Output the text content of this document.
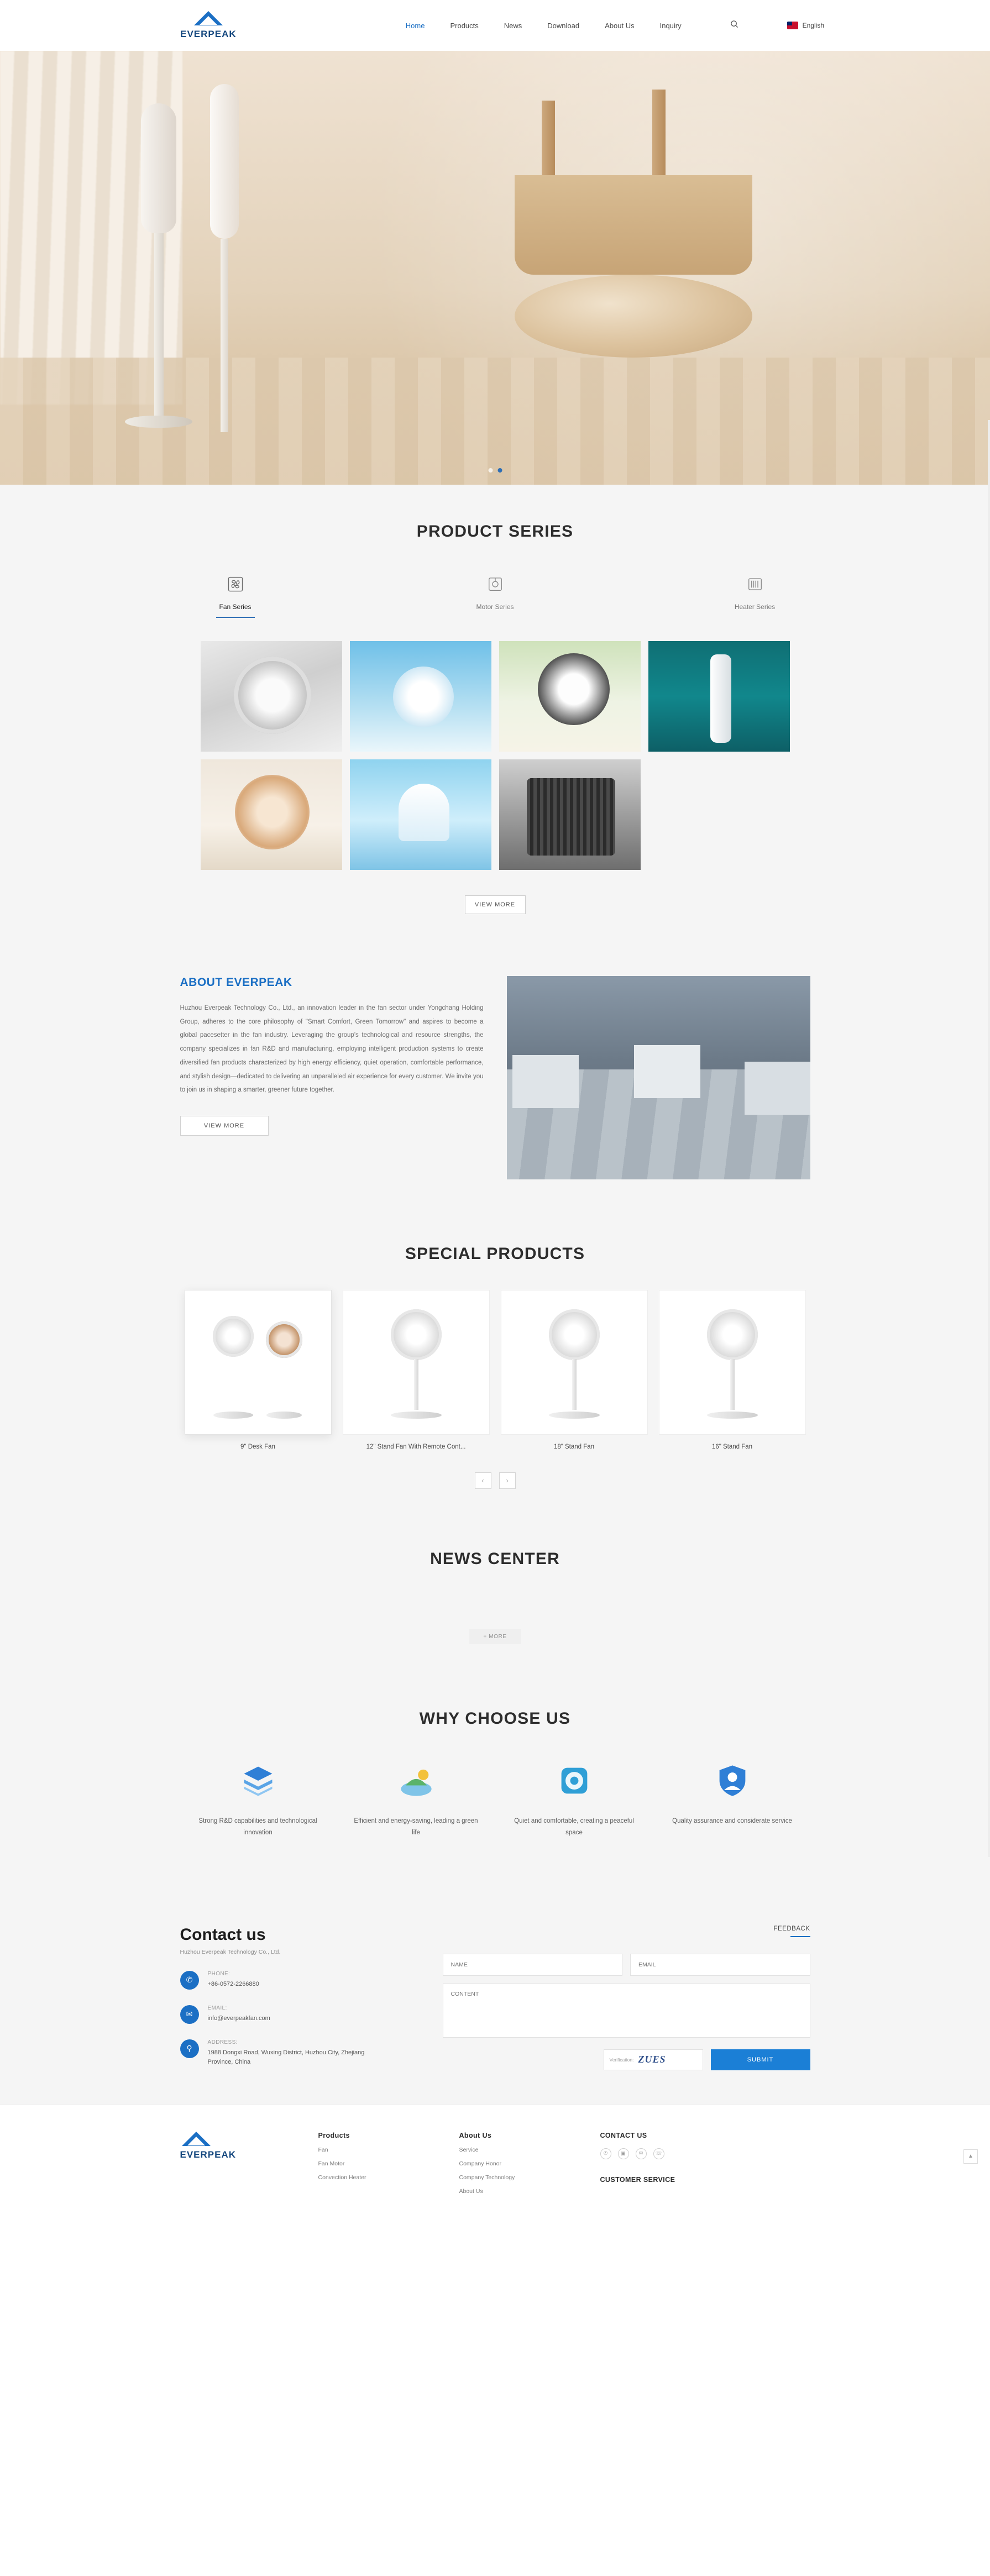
EVERPEAK
Home	Products	News	Download	About Us	Inquiry	English
PRODUCT SERIES
Fan Series	Motor Series	Heater Series
VIEW MORE
ABOUT EVERPEAK
Huzhou Everpeak Technology Co., Ltd., an innovation leader in the fan sector under Yongchang Holding Group, adheres to the core philosophy of "Smart Comfort, Green Tomorrow" and aspires to become a global pacesetter in the fan industry. Leveraging the group's technological and resource strengths, the company specializes in fan R&D and manufacturing, employing intelligent production systems to create diversified fan products characterized by high energy efficiency, quiet operation, comfortable performance, and stylish design—dedicated to delivering an unparalleled air experience for every customer. We invite you to join us in shaping a smarter, greener future together.
VIEW MORE
SPECIAL PRODUCTS
9" Desk Fan	12" Stand Fan With Remote Cont...	18" Stand Fan	16" Stand Fan
‹	›
NEWS CENTER
+ MORE
WHY CHOOSE US
Strong R&D capabilities and technological innovation
Efficient and energy-saving, leading a green life
Quiet and comfortable, creating a peaceful space
Quality assurance and considerate service
Contact us
Huzhou Everpeak Technology Co., Ltd.
✆
PHONE:
+86-0572-2266880
✉
EMAIL:
info@everpeakfan.com
⚲
ADDRESS:
1988 Dongxi Road, Wuxing District, Huzhou City, Zhejiang Province, China
FEEDBACK
NAME
EMAIL
CONTENT
Verification: ZUES	SUBMIT
EVERPEAK
Products
Fan
Fan Motor
Convection Heater
About Us
Service
Company Honor
Company Technology
About Us
CONTACT US
✆	▣	✉	☏
CUSTOMER SERVICE
▲
